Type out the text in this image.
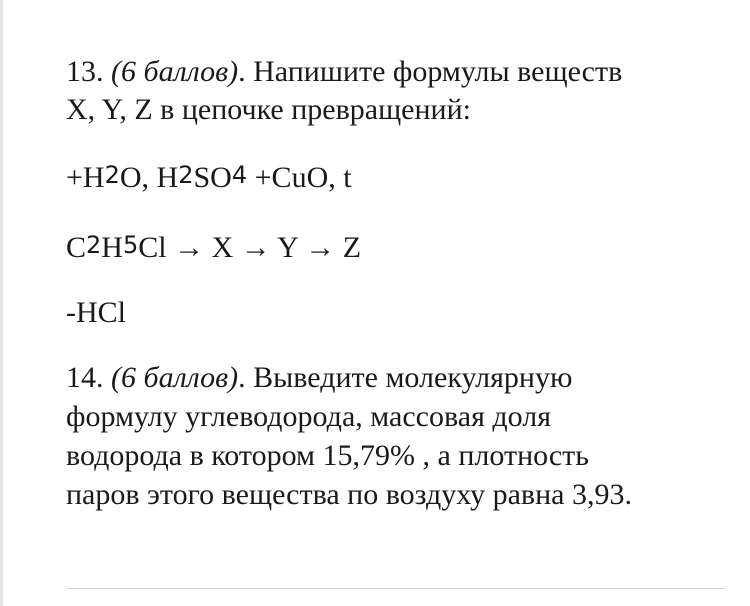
13. (6 баллов). Напишите формулы веществ
X, Y, Z в цепочке превращений:
+H2O, H2SO4 +CuO, t
C2H5Cl → X → Y → Z
-HCl
14. (6 баллов). Выведите молекулярную
формулу углеводорода, массовая доля
водорода в котором 15,79% , а плотность
паров этого вещества по воздуху равна 3,93.
